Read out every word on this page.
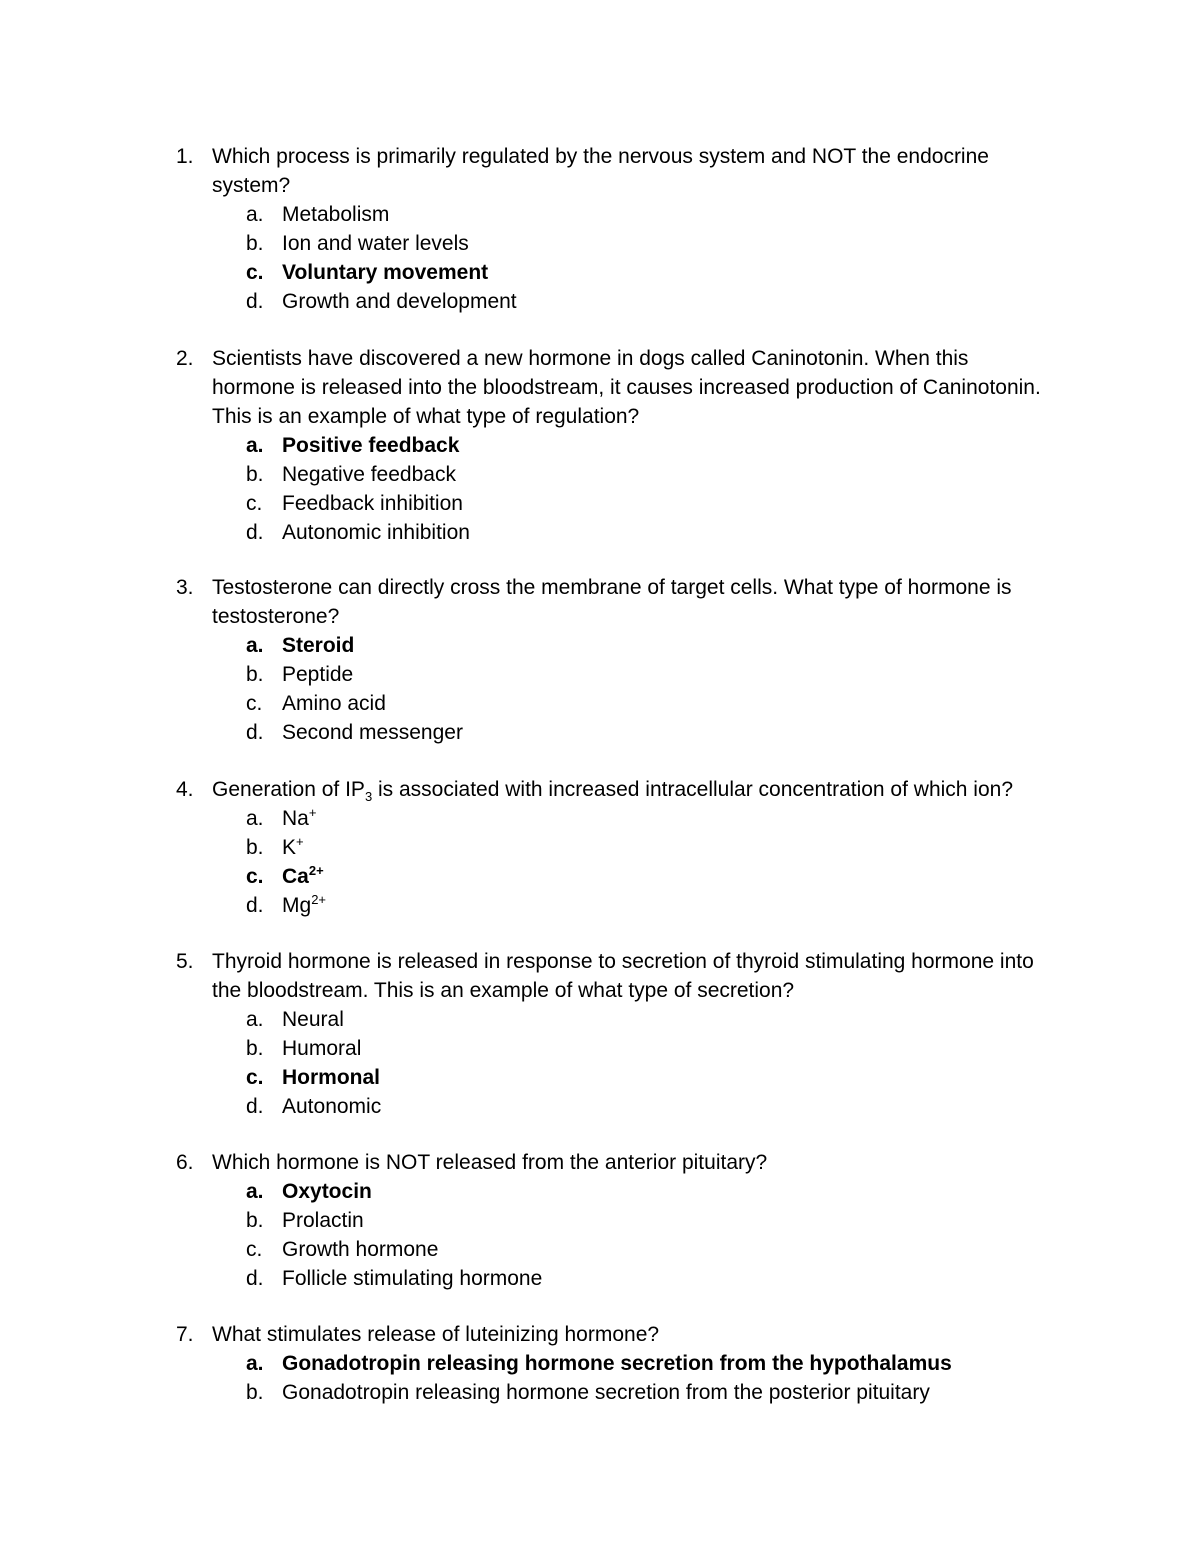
1. Which process is primarily regulated by the nervous system and NOT the endocrine system?
a. Metabolism
b. Ion and water levels
c. Voluntary movement
d. Growth and development
2. Scientists have discovered a new hormone in dogs called Caninotonin. When this hormone is released into the bloodstream, it causes increased production of Caninotonin. This is an example of what type of regulation?
a. Positive feedback
b. Negative feedback
c. Feedback inhibition
d. Autonomic inhibition
3. Testosterone can directly cross the membrane of target cells. What type of hormone is testosterone?
a. Steroid
b. Peptide
c. Amino acid
d. Second messenger
4. Generation of $IP_3$ is associated with increased intracellular concentration of which ion?
a. Na+
b. K+
c. $Ca^{2+}$
d. $Mg^{2+}$
5. Thyroid hormone is released in response to secretion of thyroid stimulating hormone into the bloodstream. This is an example of what type of secretion?
a. Neural
b. Humoral
c. Hormonal
d. Autonomic
6. Which hormone is NOT released from the anterior pituitary?
a. Oxytocin
b. Prolactin
c. Growth hormone
d. Follicle stimulating hormone
7. What stimulates release of luteinizing hormone?
a. Gonadotropin releasing hormone secretion from the hypothalamus
b. Gonadotropin releasing hormone secretion from the posterior pituitary
